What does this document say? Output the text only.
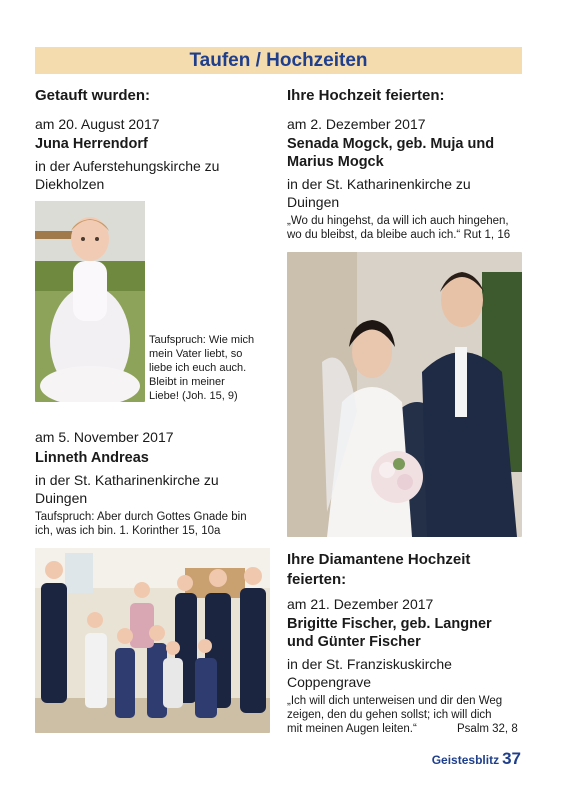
Taufen / Hochzeiten

Getauft wurden:

am 20. August 2017

Juna Herrendorf

in der Auferstehungskirche zu

Diekholzen

Taufspruch: Wie mich

mein Vater liebt, so

liebe ich euch auch.

Bleibt in meiner

Liebe! (Joh. 15, 9)

am 5. November 2017

Linneth Andreas

in der St. Katharinenkirche zu

Duingen

Taufspruch: Aber durch Gottes Gnade bin

ich, was ich bin. 1. Korinther 15, 10a

Ihre Hochzeit feierten:

am 2. Dezember 2017

Senada Mogck, geb. Muja und

Marius Mogck

in der St. Katharinenkirche zu

Duingen

„Wo du hingehst, da will ich auch hingehen,

wo du bleibst, da bleibe auch ich.“ Rut 1, 16

Ihre Diamantene Hochzeit

feierten:

am 21. Dezember 2017

Brigitte Fischer, geb. Langner

und Günter Fischer

in der St. Franziskuskirche

Coppengrave

„Ich will dich unterweisen und dir den Weg

zeigen, den du gehen sollst; ich will dich

mit meinen Augen leiten.“	Psalm 32, 8

Geistesblitz 37
